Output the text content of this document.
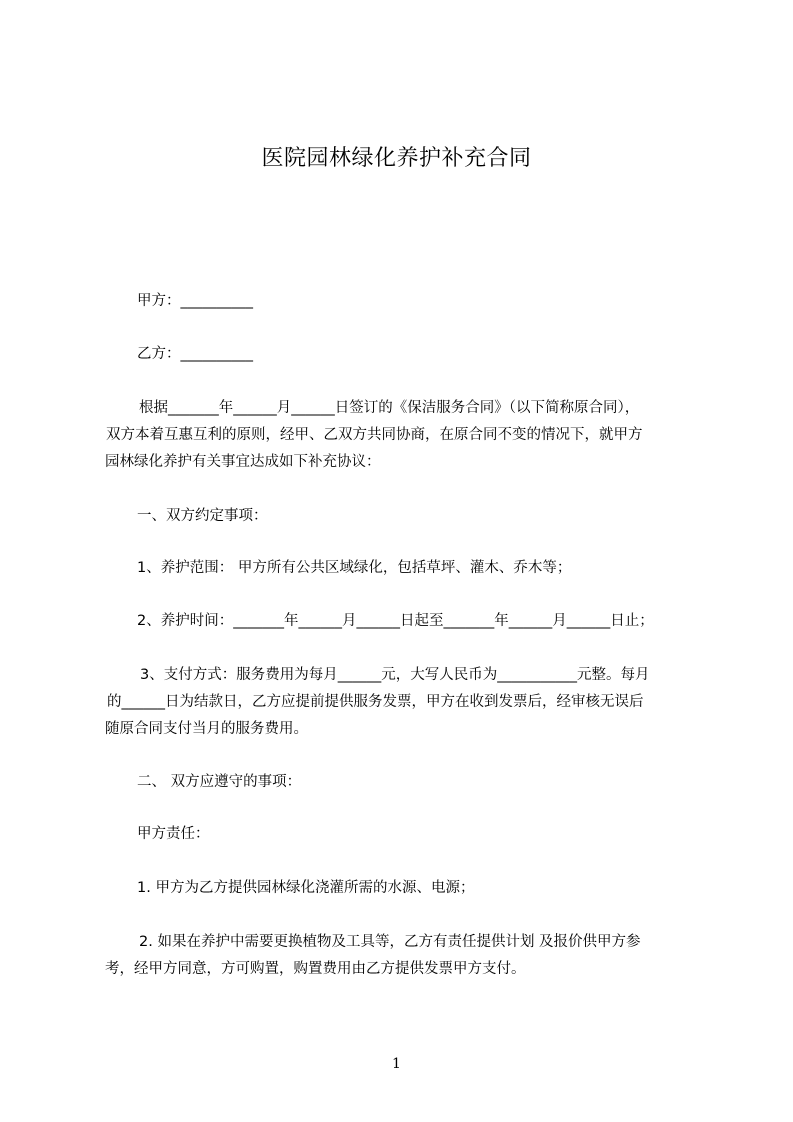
医院园林绿化养护补充合同
甲方：__________
乙方：__________
根据_______年______月______日签订的《保洁服务合同》（以下简称原合同），
双方本着互惠互利的原则，经甲、乙双方共同协商，在原合同不变的情况下，就甲方
园林绿化养护有关事宜达成如下补充协议：
一、双方约定事项：
1、养护范围： 甲方所有公共区域绿化，包括草坪、灌木、乔木等；
2、养护时间：_______年______月______日起至_______年______月______日止；
3、支付方式：服务费用为每月______元，大写人民币为___________元整。每月
的______日为结款日，乙方应提前提供服务发票，甲方在收到发票后，经审核无误后
随原合同支付当月的服务费用。
二、 双方应遵守的事项：
甲方责任：
1. 甲方为乙方提供园林绿化浇灌所需的水源、电源；
2. 如果在养护中需要更换植物及工具等，乙方有责任提供计划 及报价供甲方参
考，经甲方同意，方可购置，购置费用由乙方提供发票甲方支付。
1
